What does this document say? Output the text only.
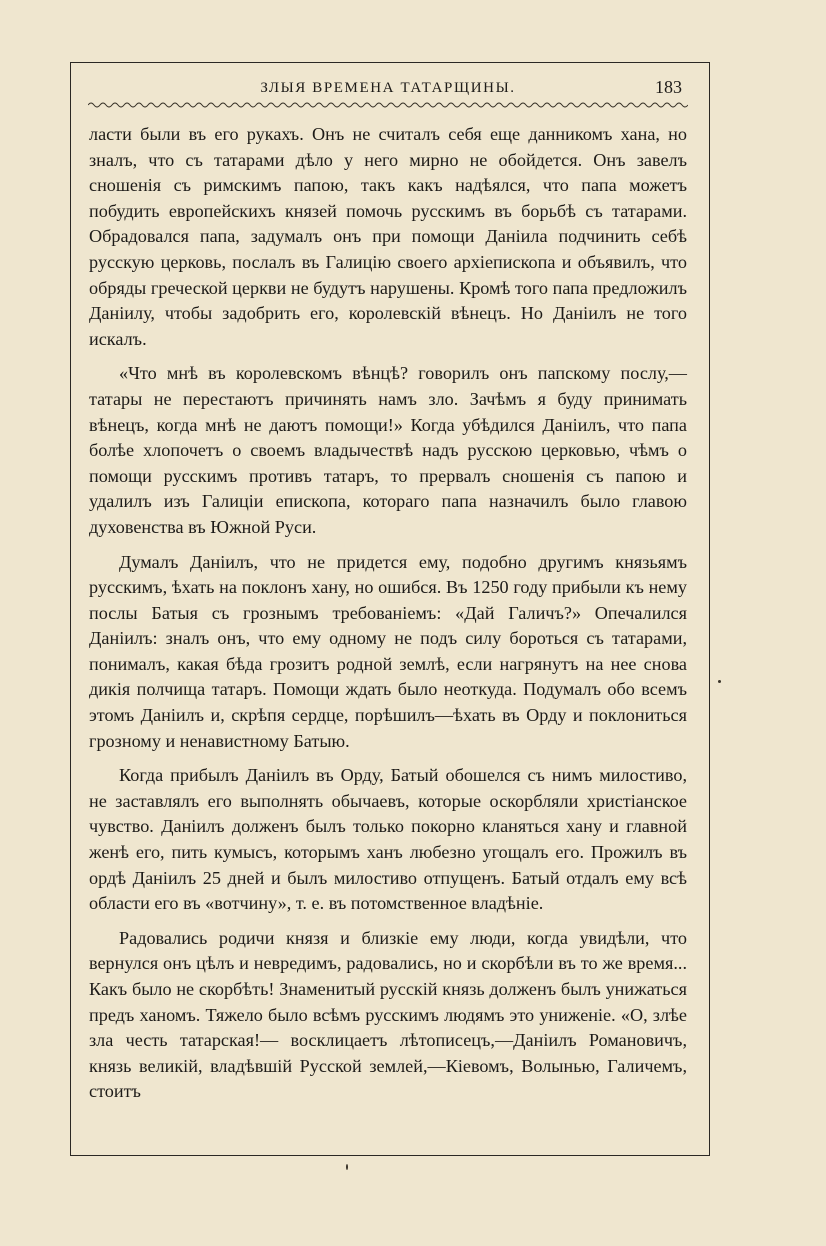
ЗЛЫЯ ВРЕМЕНА ТАТАРЩИНЫ.	183

ласти были въ его рукахъ. Онъ не считалъ себя еще данникомъ хана, но зналъ, что съ татарами дѣло у него мирно не обойдется. Онъ завелъ сношенія съ римскимъ папою, такъ какъ надѣялся, что папа можетъ побудить европейскихъ князей помочь русскимъ въ борьбѣ съ татарами. Обрадовался папа, задумалъ онъ при помощи Даніила подчинить себѣ русскую церковь, послалъ въ Галицію своего архіепископа и объявилъ, что обряды греческой церкви не будутъ нарушены. Кромѣ того папа предложилъ Даніилу, чтобы задобрить его, королевскій вѣнецъ. Но Даніилъ не того искалъ.

«Что мнѣ въ королевскомъ вѣнцѣ? говорилъ онъ папскому послу,— татары не перестаютъ причинять намъ зло. Зачѣмъ я буду принимать вѣнецъ, когда мнѣ не даютъ помощи!» Когда убѣдился Даніилъ, что папа болѣе хлопочетъ о своемъ владычествѣ надъ русскою церковью, чѣмъ о помощи русскимъ противъ татаръ, то прервалъ сношенія съ папою и удалилъ изъ Галиціи епископа, котораго папа назначилъ было главою духовенства въ Южной Руси.

Думалъ Даніилъ, что не придется ему, подобно другимъ князьямъ русскимъ, ѣхать на поклонъ хану, но ошибся. Въ 1250 году прибыли къ нему послы Батыя съ грознымъ требованіемъ: «Дай Галичъ?» Опечалился Даніилъ: зналъ онъ, что ему одному не подъ силу бороться съ татарами, понималъ, какая бѣда грозитъ родной землѣ, если нагрянутъ на нее снова дикія полчища татаръ. Помощи ждать было неоткуда. Подумалъ обо всемъ этомъ Даніилъ и, скрѣпя сердце, порѣшилъ—ѣхать въ Орду и поклониться грозному и ненавистному Батыю.

Когда прибылъ Даніилъ въ Орду, Батый обошелся съ нимъ милостиво, не заставлялъ его выполнять обычаевъ, которые оскорбляли христіанское чувство. Даніилъ долженъ былъ только покорно кланяться хану и главной женѣ его, пить кумысъ, которымъ ханъ любезно угощалъ его. Прожилъ въ ордѣ Даніилъ 25 дней и былъ милостиво отпущенъ. Батый отдалъ ему всѣ области его въ «вотчину», т. е. въ потомственное владѣніе.

Радовались родичи князя и близкіе ему люди, когда увидѣли, что вернулся онъ цѣлъ и невредимъ, радовались, но и скорбѣли въ то же время... Какъ было не скорбѣть! Знаменитый русскій князь долженъ былъ унижаться предъ ханомъ. Тяжело было всѣмъ русскимъ людямъ это униженіе. «О, злѣе зла честь татарская!— восклицаетъ лѣтописецъ,—Даніилъ Романовичъ, князь великій, владѣвшій Русской землей,—Кіевомъ, Волынью, Галичемъ, стоитъ
